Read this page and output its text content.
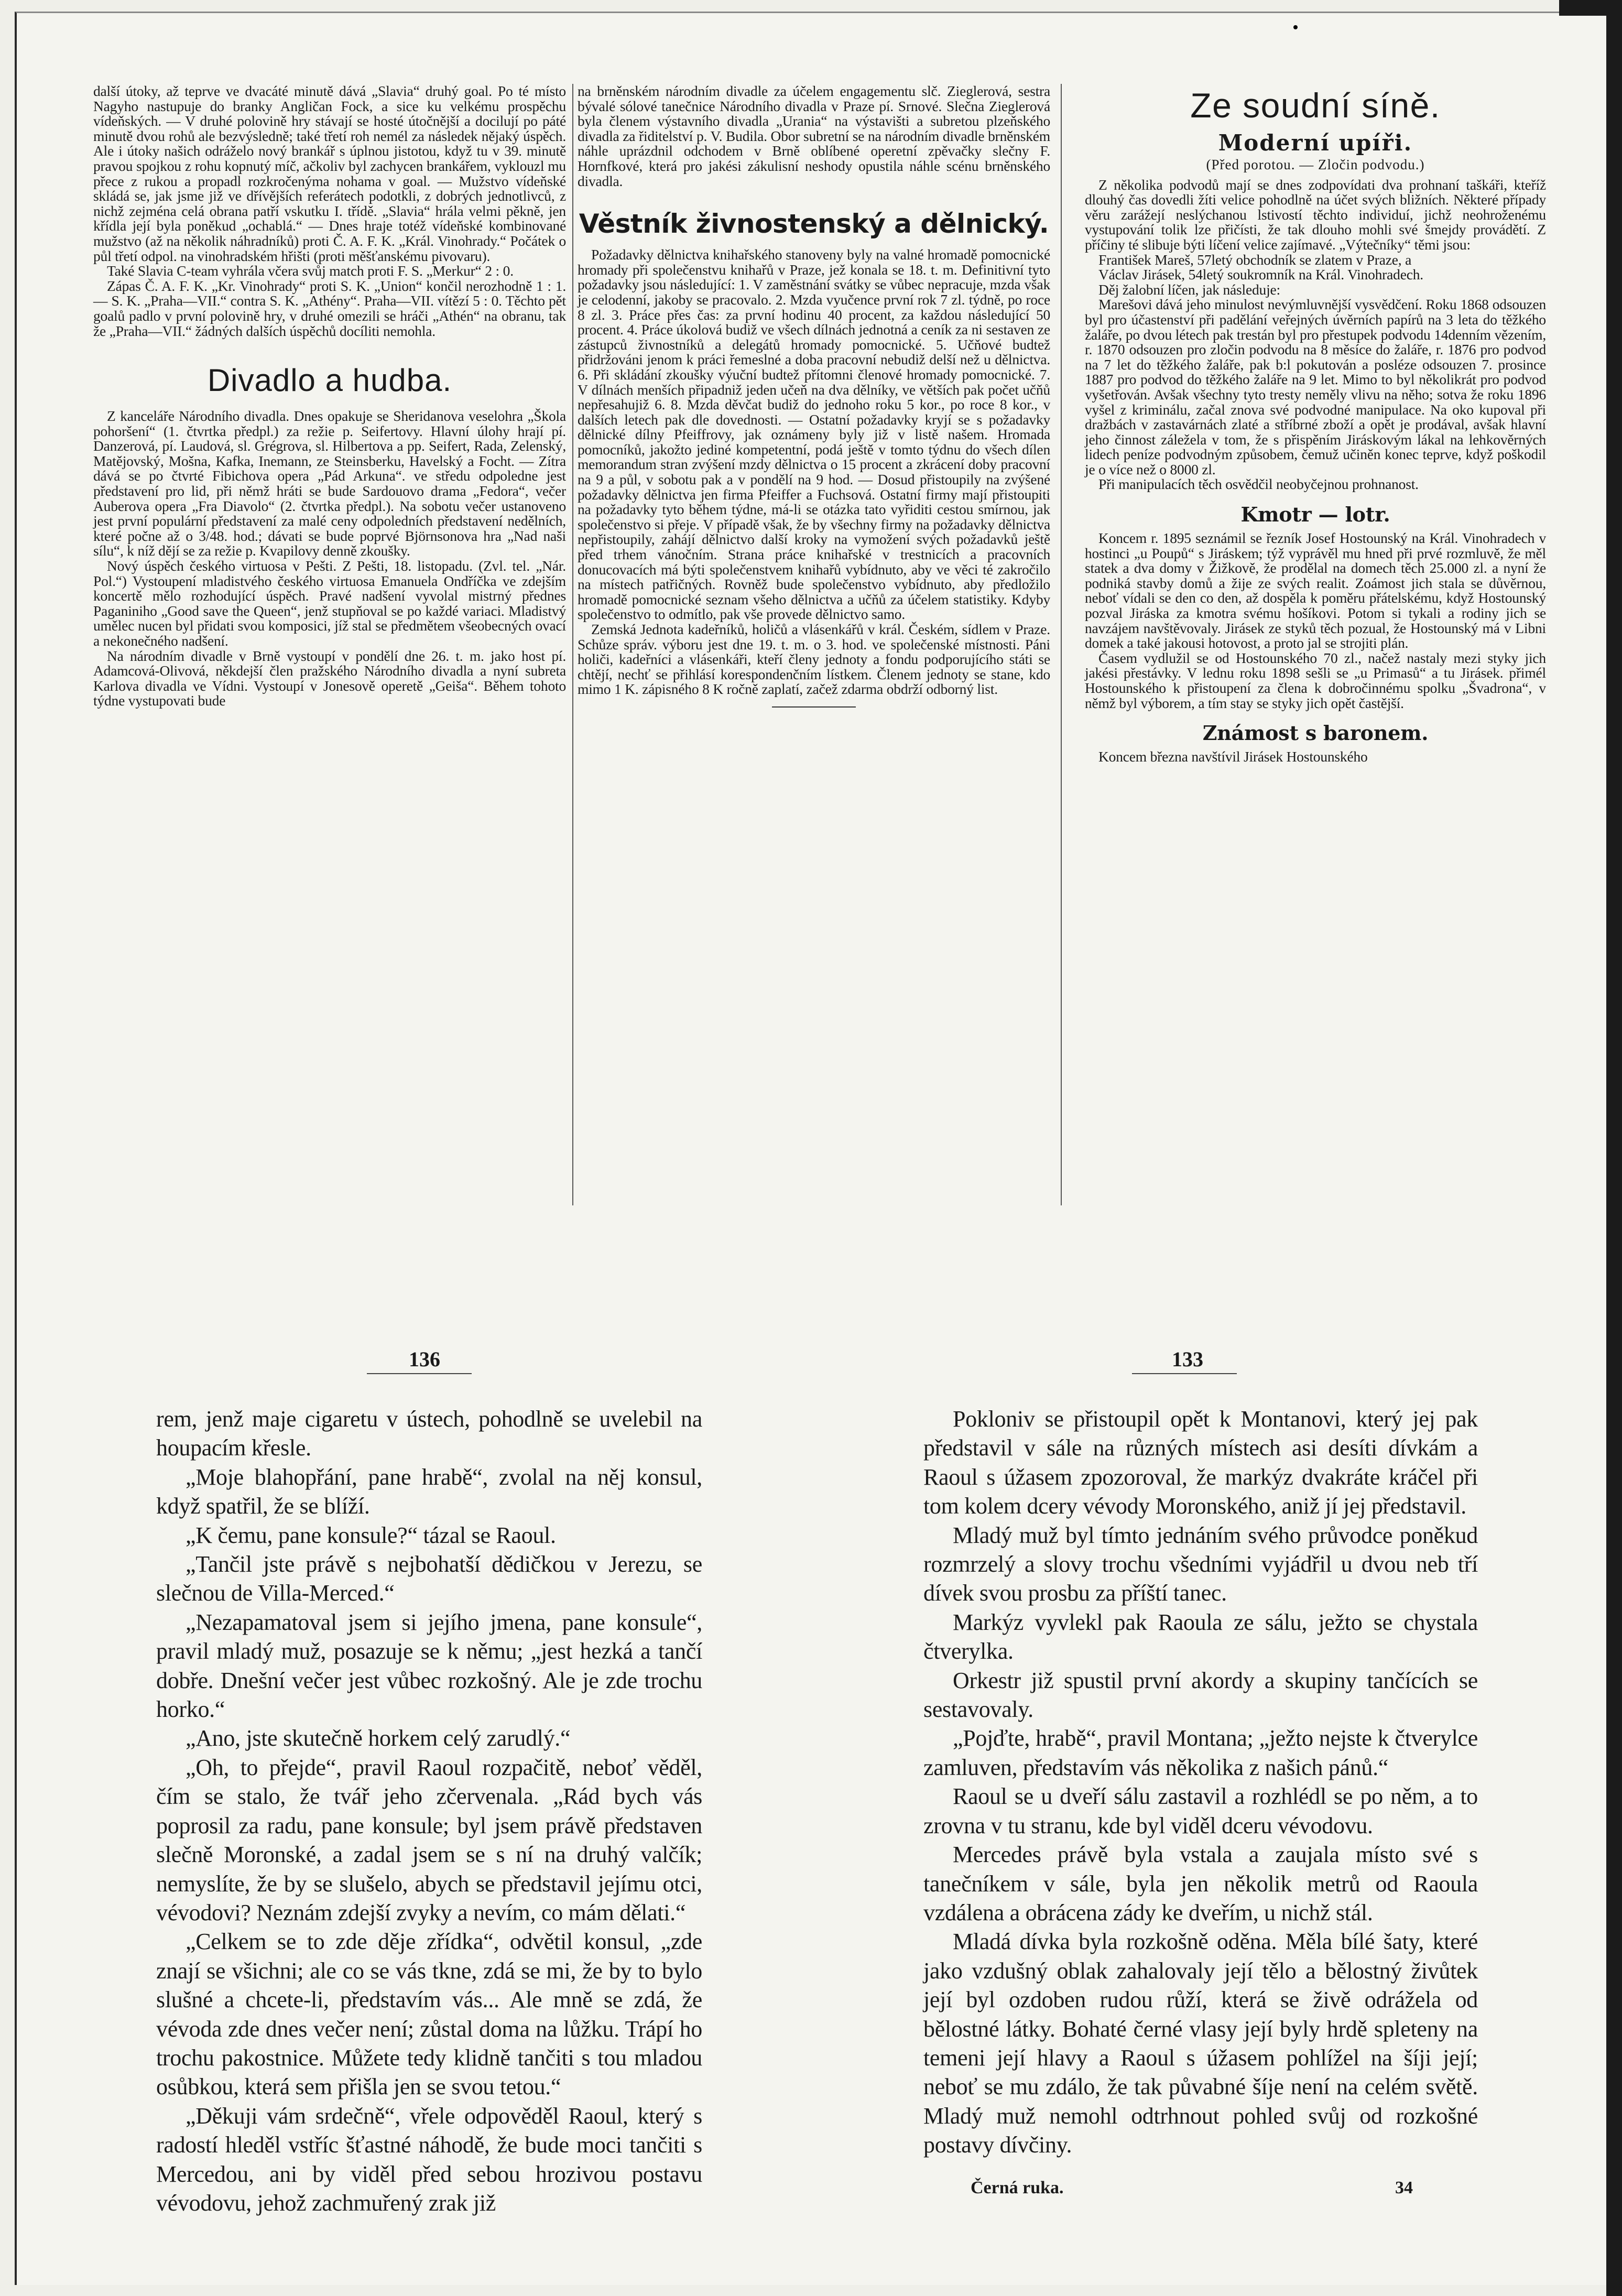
další útoky, až teprve ve dvacáté minutě dává „Slavia“ druhý goal. Po té místo Nagyho nastupuje do branky Angličan Fock, a sice ku velkému prospěchu vídeňských. — V druhé polovině hry stávají se hosté útočnější a docilují po páté minutě dvou rohů ale bezvýsledně; také třetí roh nemél za následek nějaký úspěch. Ale i útoky našich odráželo nový brankář s úplnou jistotou, když tu v 39. minutě pravou spojkou z rohu kopnutý míč, ačkoliv byl zachycen brankářem, vyklouzl mu přece z rukou a propadl rozkročenýma nohama v goal. — Mužstvo vídeňské skládá se, jak jsme již ve dřívějších referátech podotkli, z dobrých jednotlivců, z nichž zejména celá obrana patří vskutku I. třídě. „Slavia“ hrála velmi pěkně, jen křídla její byla poněkud „ochablá.“ — Dnes hraje totéž vídeňské kombinované mužstvo (až na několik náhradníků) proti Č. A. F. K. „Král. Vinohrady.“ Počátek o půl třetí odpol. na vinohradském hřišti (proti měšťanskému pivovaru).

Také Slavia C-team vyhrála včera svůj match proti F. S. „Merkur“ 2 : 0.

Zápas Č. A. F. K. „Kr. Vinohrady“ proti S. K. „Union“ končil nerozhodně 1 : 1. — S. K. „Praha—VII.“ contra S. K. „Athény“. Praha—VII. vítězí 5 : 0. Těchto pět goalů padlo v první polovině hry, v druhé omezili se hráči „Athén“ na obranu, tak že „Praha—VII.“ žádných dalších úspěchů docíliti nemohla.

Divadlo a hudba.

Z kanceláře Národního divadla. Dnes opakuje se Sheridanova veselohra „Škola pohoršení“ (1. čtvrtka předpl.) za režie p. Seifertovy. Hlavní úlohy hrají pí. Danzerová, pí. Laudová, sl. Grégrova, sl. Hilbertova a pp. Seifert, Rada, Zelenský, Matějovský, Mošna, Kafka, Inemann, ze Steinsberku, Havelský a Focht. — Zítra dává se po čtvrté Fibichova opera „Pád Arkuna“. ve středu odpoledne jest představení pro lid, při němž hráti se bude Sardouovo drama „Fedora“, večer Auberova opera „Fra Diavolo“ (2. čtvrtka předpl.). Na sobotu večer ustanoveno jest první populární představení za malé ceny odpoledních představení nedělních, které počne až o 3/48. hod.; dávati se bude poprvé Björnsonova hra „Nad naši sílu“, k níž dějí se za režie p. Kvapilovy denně zkoušky.

Nový úspěch českého virtuosa v Pešti. Z Pešti, 18. listopadu. (Zvl. tel. „Nár. Pol.“) Vystoupení mladistvého českého virtuosa Emanuela Ondříčka ve zdejším koncertě mělo rozhodující úspěch. Pravé nadšení vyvolal mistrný přednes Paganiniho „Good save the Queen“, jenž stupňoval se po každé variaci. Mladistvý umělec nucen byl přidati svou komposici, jíž stal se předmětem všeobecných ovací a nekonečného nadšení.

Na národním divadle v Brně vystoupí v pondělí dne 26. t. m. jako host pí. Adamcová-Olivová, někdejší člen pražského Národního divadla a nyní subreta Karlova divadla ve Vídni. Vystoupí v Jonesově operetě „Geiša“. Během tohoto týdne vystupovati bude

na brněnském národním divadle za účelem engagementu slč. Zieglerová, sestra bývalé sólové tanečnice Národního divadla v Praze pí. Srnové. Slečna Zieglerová byla členem výstavního divadla „Urania“ na výstavišti a subretou plzeňského divadla za řiditelství p. V. Budila. Obor subretní se na národním divadle brněnském náhle uprázdnil odchodem v Brně oblíbené operetní zpěvačky slečny F. Hornfkové, která pro jakési zákulisní neshody opustila náhle scénu brněnského divadla.

Věstník živnostenský a dělnický.

Požadavky dělnictva knihařského stanoveny byly na valné hromadě pomocnické hromady při společenstvu knihařů v Praze, jež konala se 18. t. m. Definitivní tyto požadavky jsou následující: 1. V zaměstnání svátky se vůbec nepracuje, mzda však je celodenní, jakoby se pracovalo. 2. Mzda vyučence první rok 7 zl. týdně, po roce 8 zl. 3. Práce přes čas: za první hodinu 40 procent, za každou následující 50 procent. 4. Práce úkolová budiž ve všech dílnách jednotná a ceník za ni sestaven ze zástupců živnostníků a delegátů hromady pomocnické. 5. Učňové budtež přidržováni jenom k práci řemeslné a doba pracovní nebudiž delší než u dělnictva. 6. Při skládání zkoušky výuční budtež přítomni členové hromady pomocnické. 7. V dílnách menších připadniž jeden učeň na dva dělníky, ve větších pak počet učňů nepřesahujiž 6. 8. Mzda děvčat budiž do jednoho roku 5 kor., po roce 8 kor., v dalších letech pak dle dovednosti. — Ostatní požadavky kryjí se s požadavky dělnické dílny Pfeiffrovy, jak oznámeny byly již v listě našem. Hromada pomocníků, jakožto jediné kompetentní, podá ještě v tomto týdnu do všech dílen memorandum stran zvýšení mzdy dělnictva o 15 procent a zkrácení doby pracovní na 9 a půl, v sobotu pak a v pondělí na 9 hod. — Dosud přistoupily na zvýšené požadavky dělnictva jen firma Pfeiffer a Fuchsová. Ostatní firmy mají přistoupiti na požadavky tyto během týdne, má-li se otázka tato vyřiditi cestou smírnou, jak společenstvo si přeje. V případě však, že by všechny firmy na požadavky dělnictva nepřistoupily, zahájí dělnictvo další kroky na vymožení svých požadavků ještě před trhem vánočním. Strana práce knihařské v trestnicích a pracovních donucovacích má býti společenstvem knihařů vybídnuto, aby ve věci té zakročilo na místech patřičných. Rovněž bude společenstvo vybídnuto, aby předložilo hromadě pomocnické seznam všeho dělnictva a učňů za účelem statistiky. Kdyby společenstvo to odmítlo, pak vše provede dělnictvo samo.

Zemská Jednota kadeřníků, holičů a vlásenkářů v král. Českém, sídlem v Praze. Schůze správ. výboru jest dne 19. t. m. o 3. hod. ve společenské místnosti. Páni holiči, kadeřníci a vlásenkáři, kteří členy jednoty a fondu podporujícího státi se chtějí, nechť se přihlásí korespondenčním lístkem. Členem jednoty se stane, kdo mimo 1 K. zápisného 8 K ročně zaplatí, začež zdarma obdrží odborný list.

Ze soudní síně.
Moderní upíři.
(Před porotou. — Zločin podvodu.)

Z několika podvodů mají se dnes zodpovídati dva prohnaní taškáři, kteříž dlouhý čas dovedli žíti velice pohodlně na účet svých bližních. Některé případy věru zarážejí neslýchanou lstivostí těchto individuí, jichž neohroženému vystupování tolik lze přičísti, že tak dlouho mohli své šmejdy provádětí. Z příčiny té slibuje býti líčení velice zajímavé. „Výtečníky“ těmi jsou:

František Mareš, 57letý obchodník se zlatem v Praze, a

Václav Jirásek, 54letý soukromník na Král. Vinohradech.

Děj žalobní líčen, jak následuje:

Marešovi dává jeho minulost nevýmluvnější vysvědčení. Roku 1868 odsouzen byl pro účastenství při padělání veřejných úvěrních papírů na 3 leta do těžkého žaláře, po dvou létech pak trestán byl pro přestupek podvodu 14denním vězením, r. 1870 odsouzen pro zločin podvodu na 8 měsíce do žaláře, r. 1876 pro podvod na 7 let do těžkého žaláře, pak b:l pokutován a posléze odsouzen 7. prosince 1887 pro podvod do těžkého žaláře na 9 let. Mimo to byl několikrát pro podvod vyšetřován. Avšak všechny tyto tresty neměly vlivu na něho; sotva že roku 1896 vyšel z kriminálu, začal znova své podvodné manipulace. Na oko kupoval při dražbách v zastavárnách zlaté a stříbrné zboží a opět je prodával, avšak hlavní jeho činnost záležela v tom, že s přispěním Jiráskovým lákal na lehkověrných lidech peníze podvodným způsobem, čemuž učiněn konec teprve, když poškodil je o více než o 8000 zl.

Při manipulacích těch osvědčil neobyčejnou prohnanost.

Kmotr — lotr.

Koncem r. 1895 seznámil se řezník Josef Hostounský na Král. Vinohradech v hostinci „u Poupů“ s Jiráskem; týž vyprávěl mu hned při prvé rozmluvě, že měl statek a dva domy v Žižkově, že prodělal na domech těch 25.000 zl. a nyní že podniká stavby domů a žije ze svých realit. Zoámost jich stala se důvěrnou, neboť vídali se den co den, až dospěla k poměru přátelskému, když Hostounský pozval Jiráska za kmotra svému hošíkovi. Potom si tykali a rodiny jich se navzájem navštěvovaly. Jirásek ze styků těch pozual, že Hostounský má v Libni domek a také jakousi hotovost, a proto jal se strojiti plán.

Časem vydlužil se od Hostounského 70 zl., načež nastaly mezi styky jich jakési přestávky. V lednu roku 1898 sešli se „u Primasů“ a tu Jirásek. přimél Hostounského k přistoupení za člena k dobročinnému spolku „Švadrona“, v němž byl výborem, a tím stay se styky jich opět častější.

Známost s baronem.

Koncem března navštívil Jirásek Hostounského

136	133

rem, jenž maje cigaretu v ústech, pohodlně se uvelebil na houpacím křesle.

„Moje blahopřání, pane hrabě“, zvolal na něj konsul, když spatřil, že se blíží.

„K čemu, pane konsule?“ tázal se Raoul.

„Tančil jste právě s nejbohatší dědičkou v Jerezu, se slečnou de Villa-Merced.“

„Nezapamatoval jsem si jejího jmena, pane konsule“, pravil mladý muž, posazuje se k němu; „jest hezká a tančí dobře. Dnešní večer jest vůbec rozkošný. Ale je zde trochu horko.“

„Ano, jste skutečně horkem celý zarudlý.“

„Oh, to přejde“, pravil Raoul rozpačitě, neboť věděl, čím se stalo, že tvář jeho zčervenala. „Rád bych vás poprosil za radu, pane konsule; byl jsem právě představen slečně Moronské, a zadal jsem se s ní na druhý valčík; nemyslíte, že by se slušelo, abych se představil jejímu otci, vévodovi? Neznám zdejší zvyky a nevím, co mám dělati.“

„Celkem se to zde děje zřídka“, odvětil konsul, „zde znají se všichni; ale co se vás tkne, zdá se mi, že by to bylo slušné a chcete-li, představím vás... Ale mně se zdá, že vévoda zde dnes večer není; zůstal doma na lůžku. Trápí ho trochu pakostnice. Můžete tedy klidně tančiti s tou mladou osůbkou, která sem přišla jen se svou tetou.“

„Děkuji vám srdečně“, vřele odpověděl Raoul, který s radostí hleděl vstříc šťastné náhodě, že bude moci tančiti s Mercedou, ani by viděl před sebou hrozivou postavu vévodovu, jehož zachmuřený zrak již

Pokloniv se přistoupil opět k Montanovi, který jej pak představil v sále na různých místech asi desíti dívkám a Raoul s úžasem zpozoroval, že markýz dvakráte kráčel při tom kolem dcery vévody Moronského, aniž jí jej představil.

Mladý muž byl tímto jednáním svého průvodce poněkud rozmrzelý a slovy trochu všedními vyjádřil u dvou neb tří dívek svou prosbu za příští tanec.

Markýz vyvlekl pak Raoula ze sálu, ježto se chystala čtverylka.

Orkestr již spustil první akordy a skupiny tančících se sestavovaly.

„Pojďte, hrabě“, pravil Montana; „ježto nejste k čtverylce zamluven, představím vás několika z našich pánů.“

Raoul se u dveří sálu zastavil a rozhlédl se po něm, a to zrovna v tu stranu, kde byl viděl dceru vévodovu.

Mercedes právě byla vstala a zaujala místo své s tanečníkem v sále, byla jen několik metrů od Raoula vzdálena a obrácena zády ke dveřím, u nichž stál.

Mladá dívka byla rozkošně oděna. Měla bílé šaty, které jako vzdušný oblak zahalovaly její tělo a bělostný živůtek její byl ozdoben rudou růží, která se živě odrážela od bělostné látky. Bohaté černé vlasy její byly hrdě spleteny na temeni její hlavy a Raoul s úžasem pohlížel na šíji její; neboť se mu zdálo, že tak půvabné šíje není na celém světě. Mladý muž nemohl odtrhnout pohled svůj od rozkošné postavy dívčiny.

Černá ruka.	34
